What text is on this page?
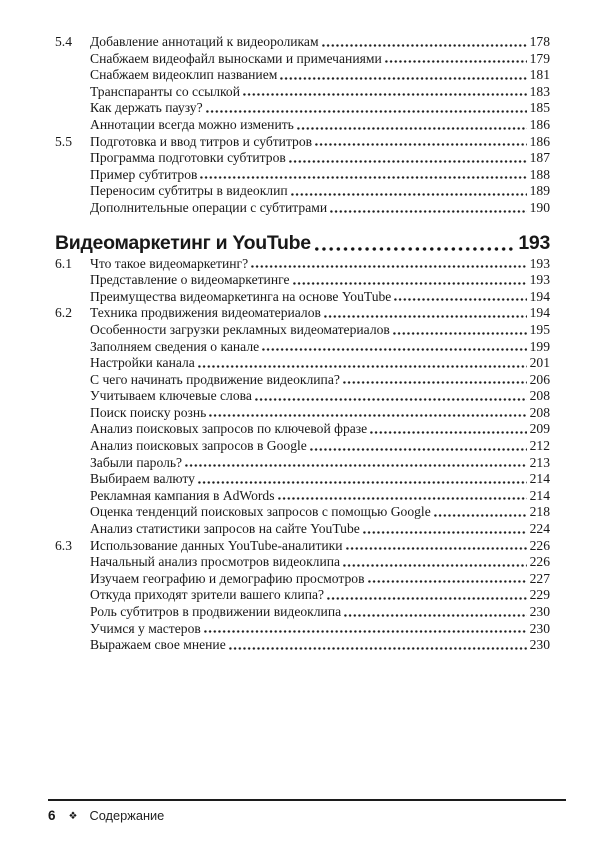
5.4	Добавление аннотаций к видеороликам	178
Снабжаем видеофайл выносками и примечаниями	179
Снабжаем видеоклип названием	181
Транспаранты со ссылкой	183
Как держать паузу?	185
Аннотации всегда можно изменить	186
5.5	Подготовка и ввод титров и субтитров	186
Программа подготовки субтитров	187
Пример субтитров	188
Переносим субтитры в видеоклип	189
Дополнительные операции с субтитрами	190
Видеомаркетинг и YouTube	193
6.1	Что такое видеомаркетинг?	193
Представление о видеомаркетинге	193
Преимущества видеомаркетинга на основе YouTube	194
6.2	Техника продвижения видеоматериалов	194
Особенности загрузки рекламных видеоматериалов	195
Заполняем сведения о канале	199
Настройки канала	201
С чего начинать продвижение видеоклипа?	206
Учитываем ключевые слова	208
Поиск поиску рознь	208
Анализ поисковых запросов по ключевой фразе	209
Анализ поисковых запросов в Google	212
Забыли пароль?	213
Выбираем валюту	214
Рекламная кампания в AdWords	214
Оценка тенденций поисковых запросов с помощью Google	218
Анализ статистики запросов на сайте YouTube	224
6.3	Использование данных YouTube-аналитики	226
Начальный анализ просмотров видеоклипа	226
Изучаем географию и демографию просмотров	227
Откуда приходят зрители вашего клипа?	229
Роль субтитров в продвижении видеоклипа	230
Учимся у мастеров	230
Выражаем свое мнение	230
6 ❖ Содержание
